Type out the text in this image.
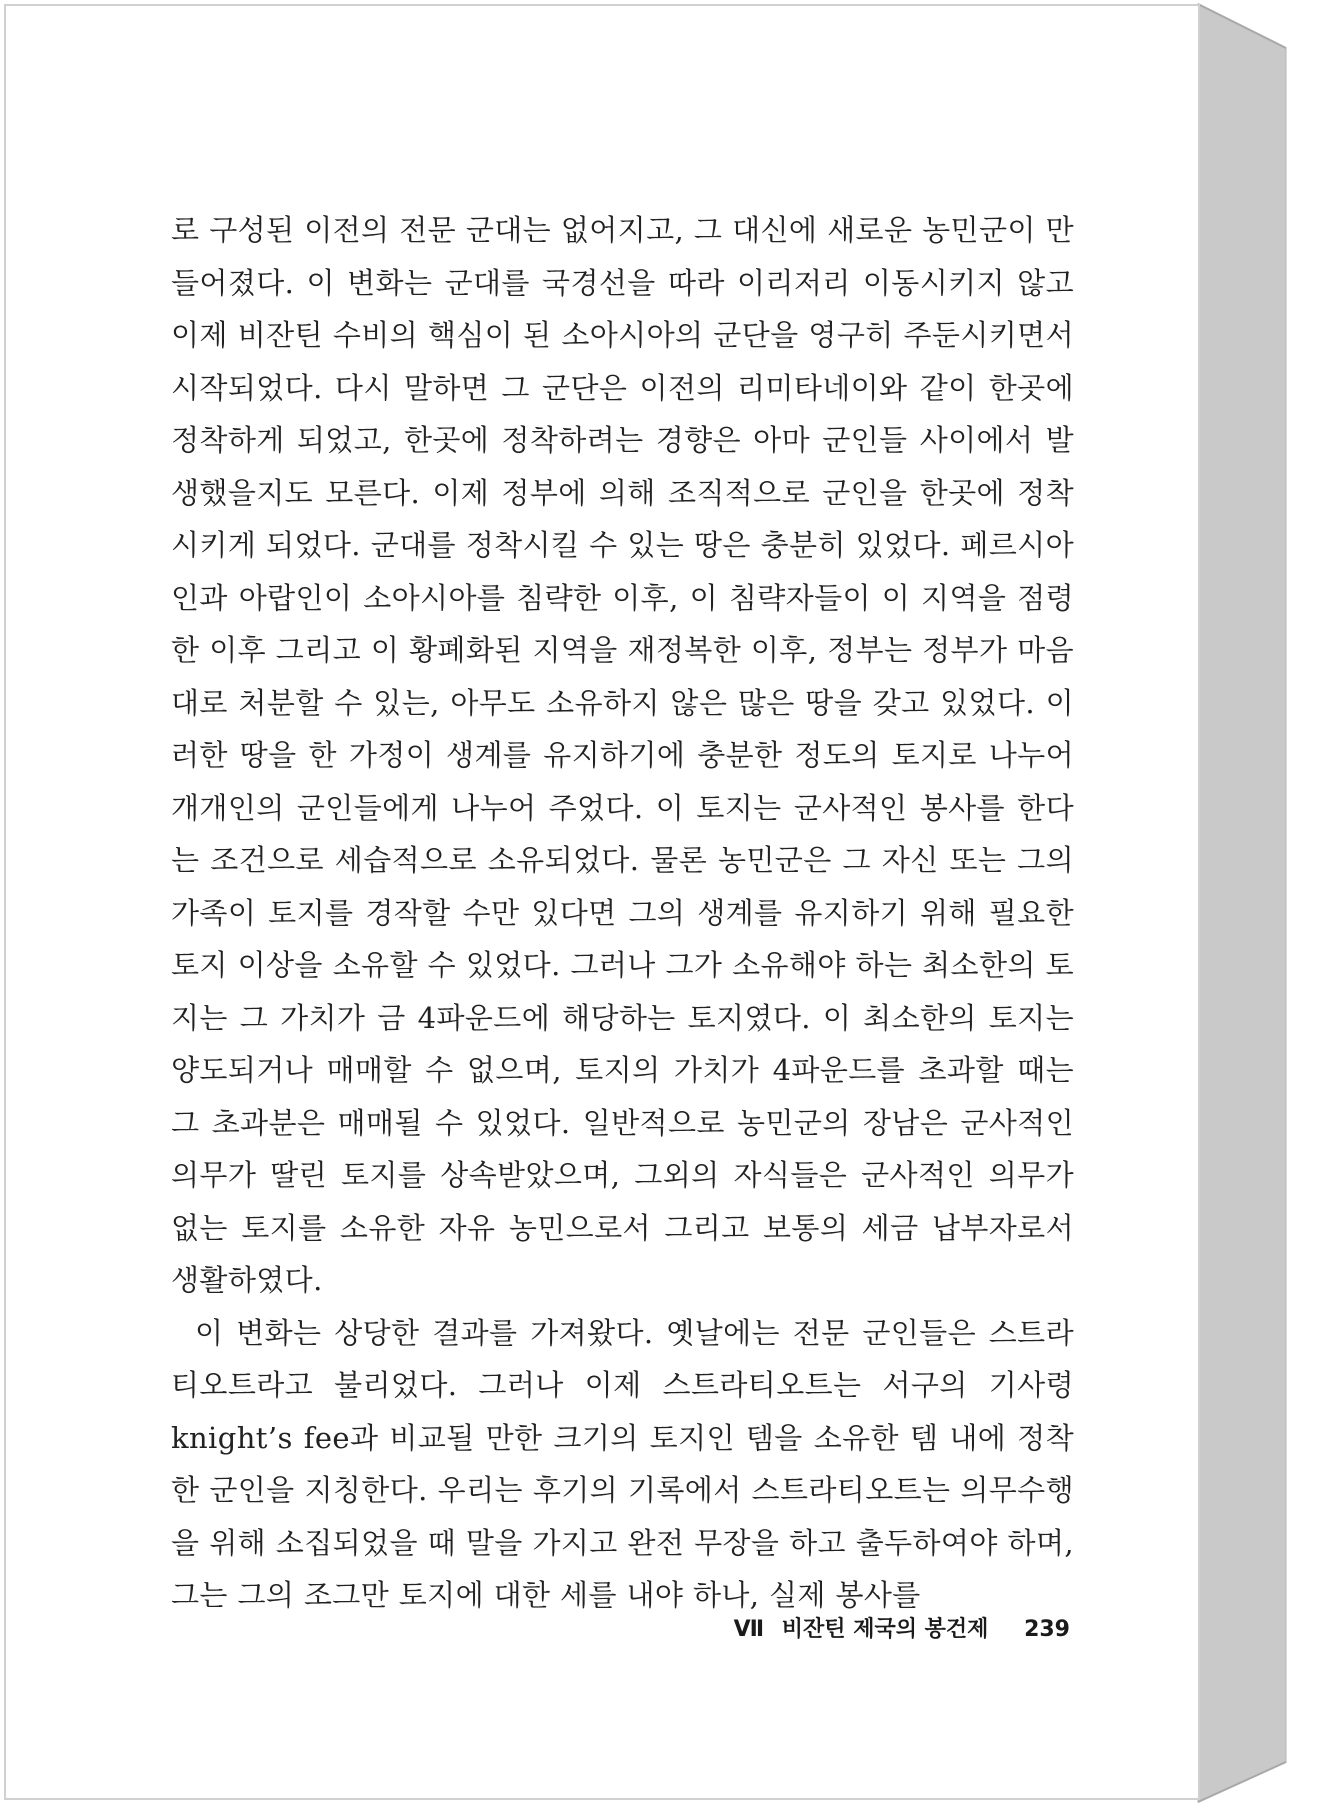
로 구성된 이전의 전문 군대는 없어지고, 그 대신에 새로운 농민군이 만들어졌다. 이 변화는 군대를 국경선을 따라 이리저리 이동시키지 않고 이제 비잔틴 수비의 핵심이 된 소아시아의 군단을 영구히 주둔시키면서 시작되었다. 다시 말하면 그 군단은 이전의 리미타네이와 같이 한곳에 정착하게 되었고, 한곳에 정착하려는 경향은 아마 군인들 사이에서 발생했을지도 모른다. 이제 정부에 의해 조직적으로 군인을 한곳에 정착시키게 되었다. 군대를 정착시킬 수 있는 땅은 충분히 있었다. 페르시아인과 아랍인이 소아시아를 침략한 이후, 이 침략자들이 이 지역을 점령한 이후 그리고 이 황폐화된 지역을 재정복한 이후, 정부는 정부가 마음대로 처분할 수 있는, 아무도 소유하지 않은 많은 땅을 갖고 있었다. 이러한 땅을 한 가정이 생계를 유지하기에 충분한 정도의 토지로 나누어 개개인의 군인들에게 나누어 주었다. 이 토지는 군사적인 봉사를 한다는 조건으로 세습적으로 소유되었다. 물론 농민군은 그 자신 또는 그의 가족이 토지를 경작할 수만 있다면 그의 생계를 유지하기 위해 필요한 토지 이상을 소유할 수 있었다. 그러나 그가 소유해야 하는 최소한의 토지는 그 가치가 금 4파운드에 해당하는 토지였다. 이 최소한의 토지는 양도되거나 매매할 수 없으며, 토지의 가치가 4파운드를 초과할 때는 그 초과분은 매매될 수 있었다. 일반적으로 농민군의 장남은 군사적인 의무가 딸린 토지를 상속받았으며, 그외의 자식들은 군사적인 의무가 없는 토지를 소유한 자유 농민으로서 그리고 보통의 세금 납부자로서 생활하였다.

이 변화는 상당한 결과를 가져왔다. 옛날에는 전문 군인들은 스트라티오트라고 불리었다. 그러나 이제 스트라티오트는 서구의 기사령 knight’s fee과 비교될 만한 크기의 토지인 템을 소유한 템 내에 정착한 군인을 지칭한다. 우리는 후기의 기록에서 스트라티오트는 의무수행을 위해 소집되었을 때 말을 가지고 완전 무장을 하고 출두하여야 하며, 그는 그의 조그만 토지에 대한 세를 내야 하나, 실제 봉사를

Ⅶ 비잔틴 제국의 봉건제 239
